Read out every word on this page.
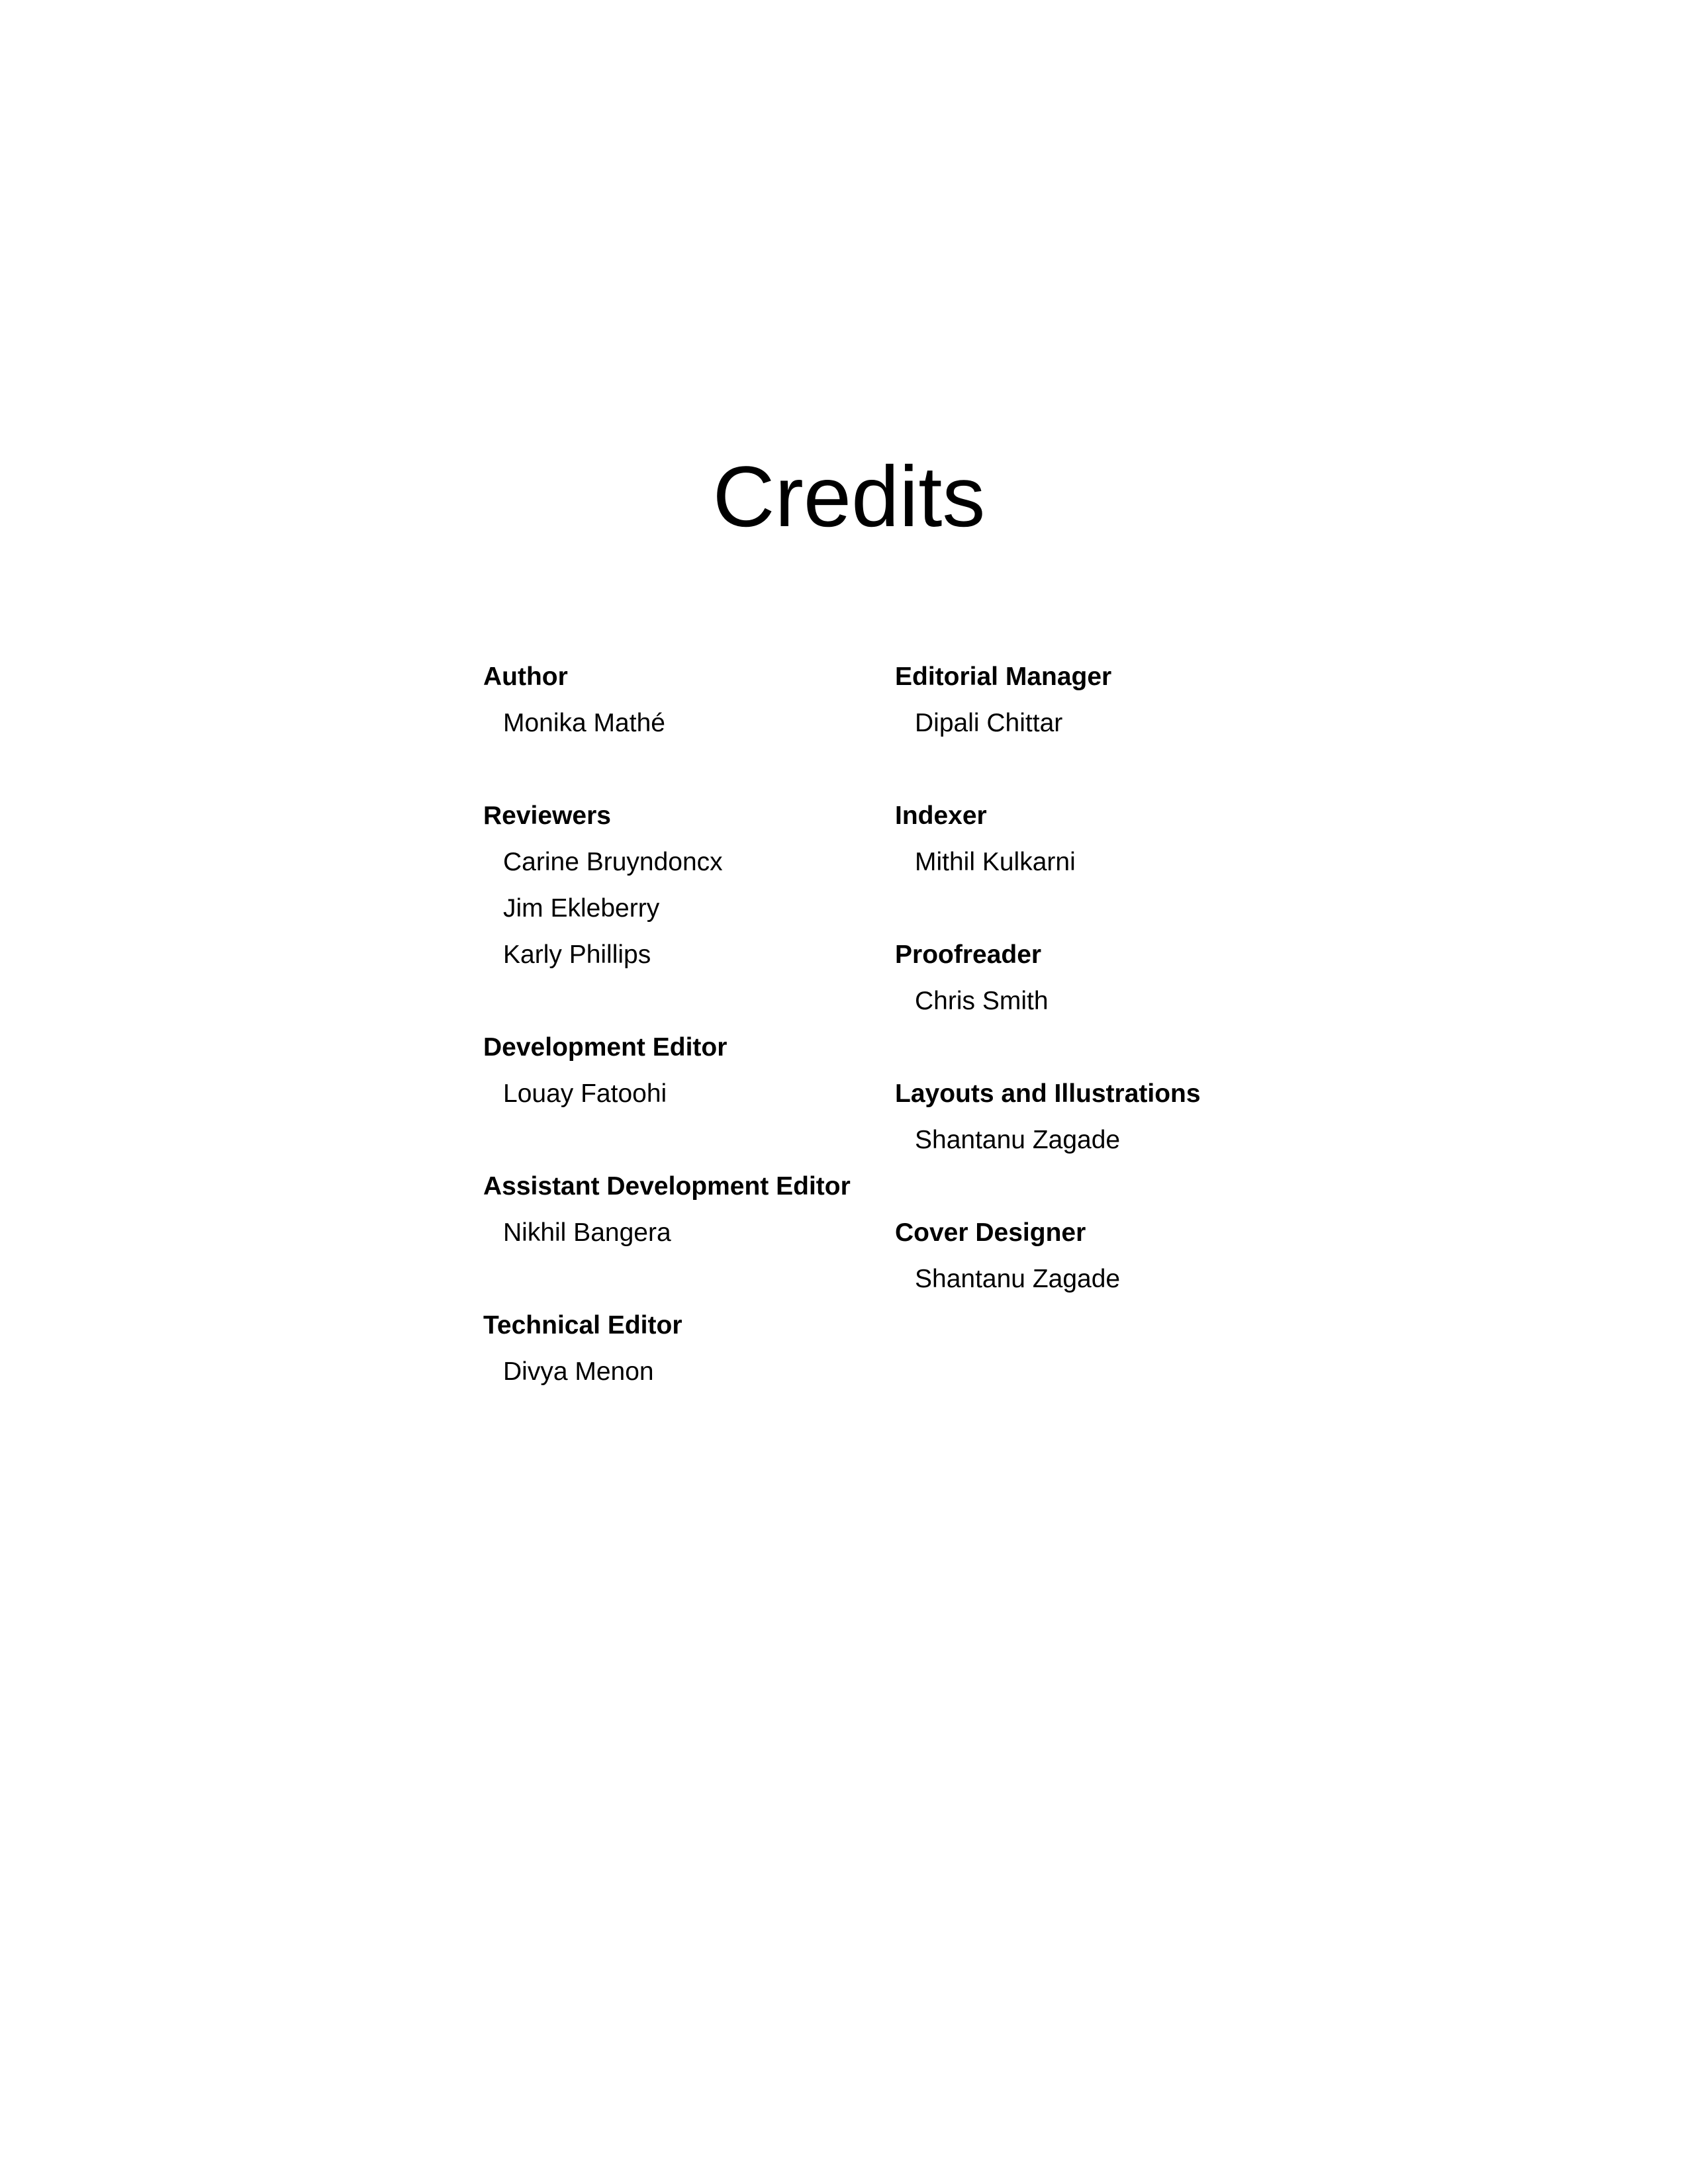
Credits
Author
Monika Mathé
Reviewers
Carine Bruyndoncx
Jim Ekleberry
Karly Phillips
Development Editor
Louay Fatoohi
Assistant Development Editor
Nikhil Bangera
Technical Editor
Divya Menon
Editorial Manager
Dipali Chittar
Indexer
Mithil Kulkarni
Proofreader
Chris Smith
Layouts and Illustrations
Shantanu Zagade
Cover Designer
Shantanu Zagade
